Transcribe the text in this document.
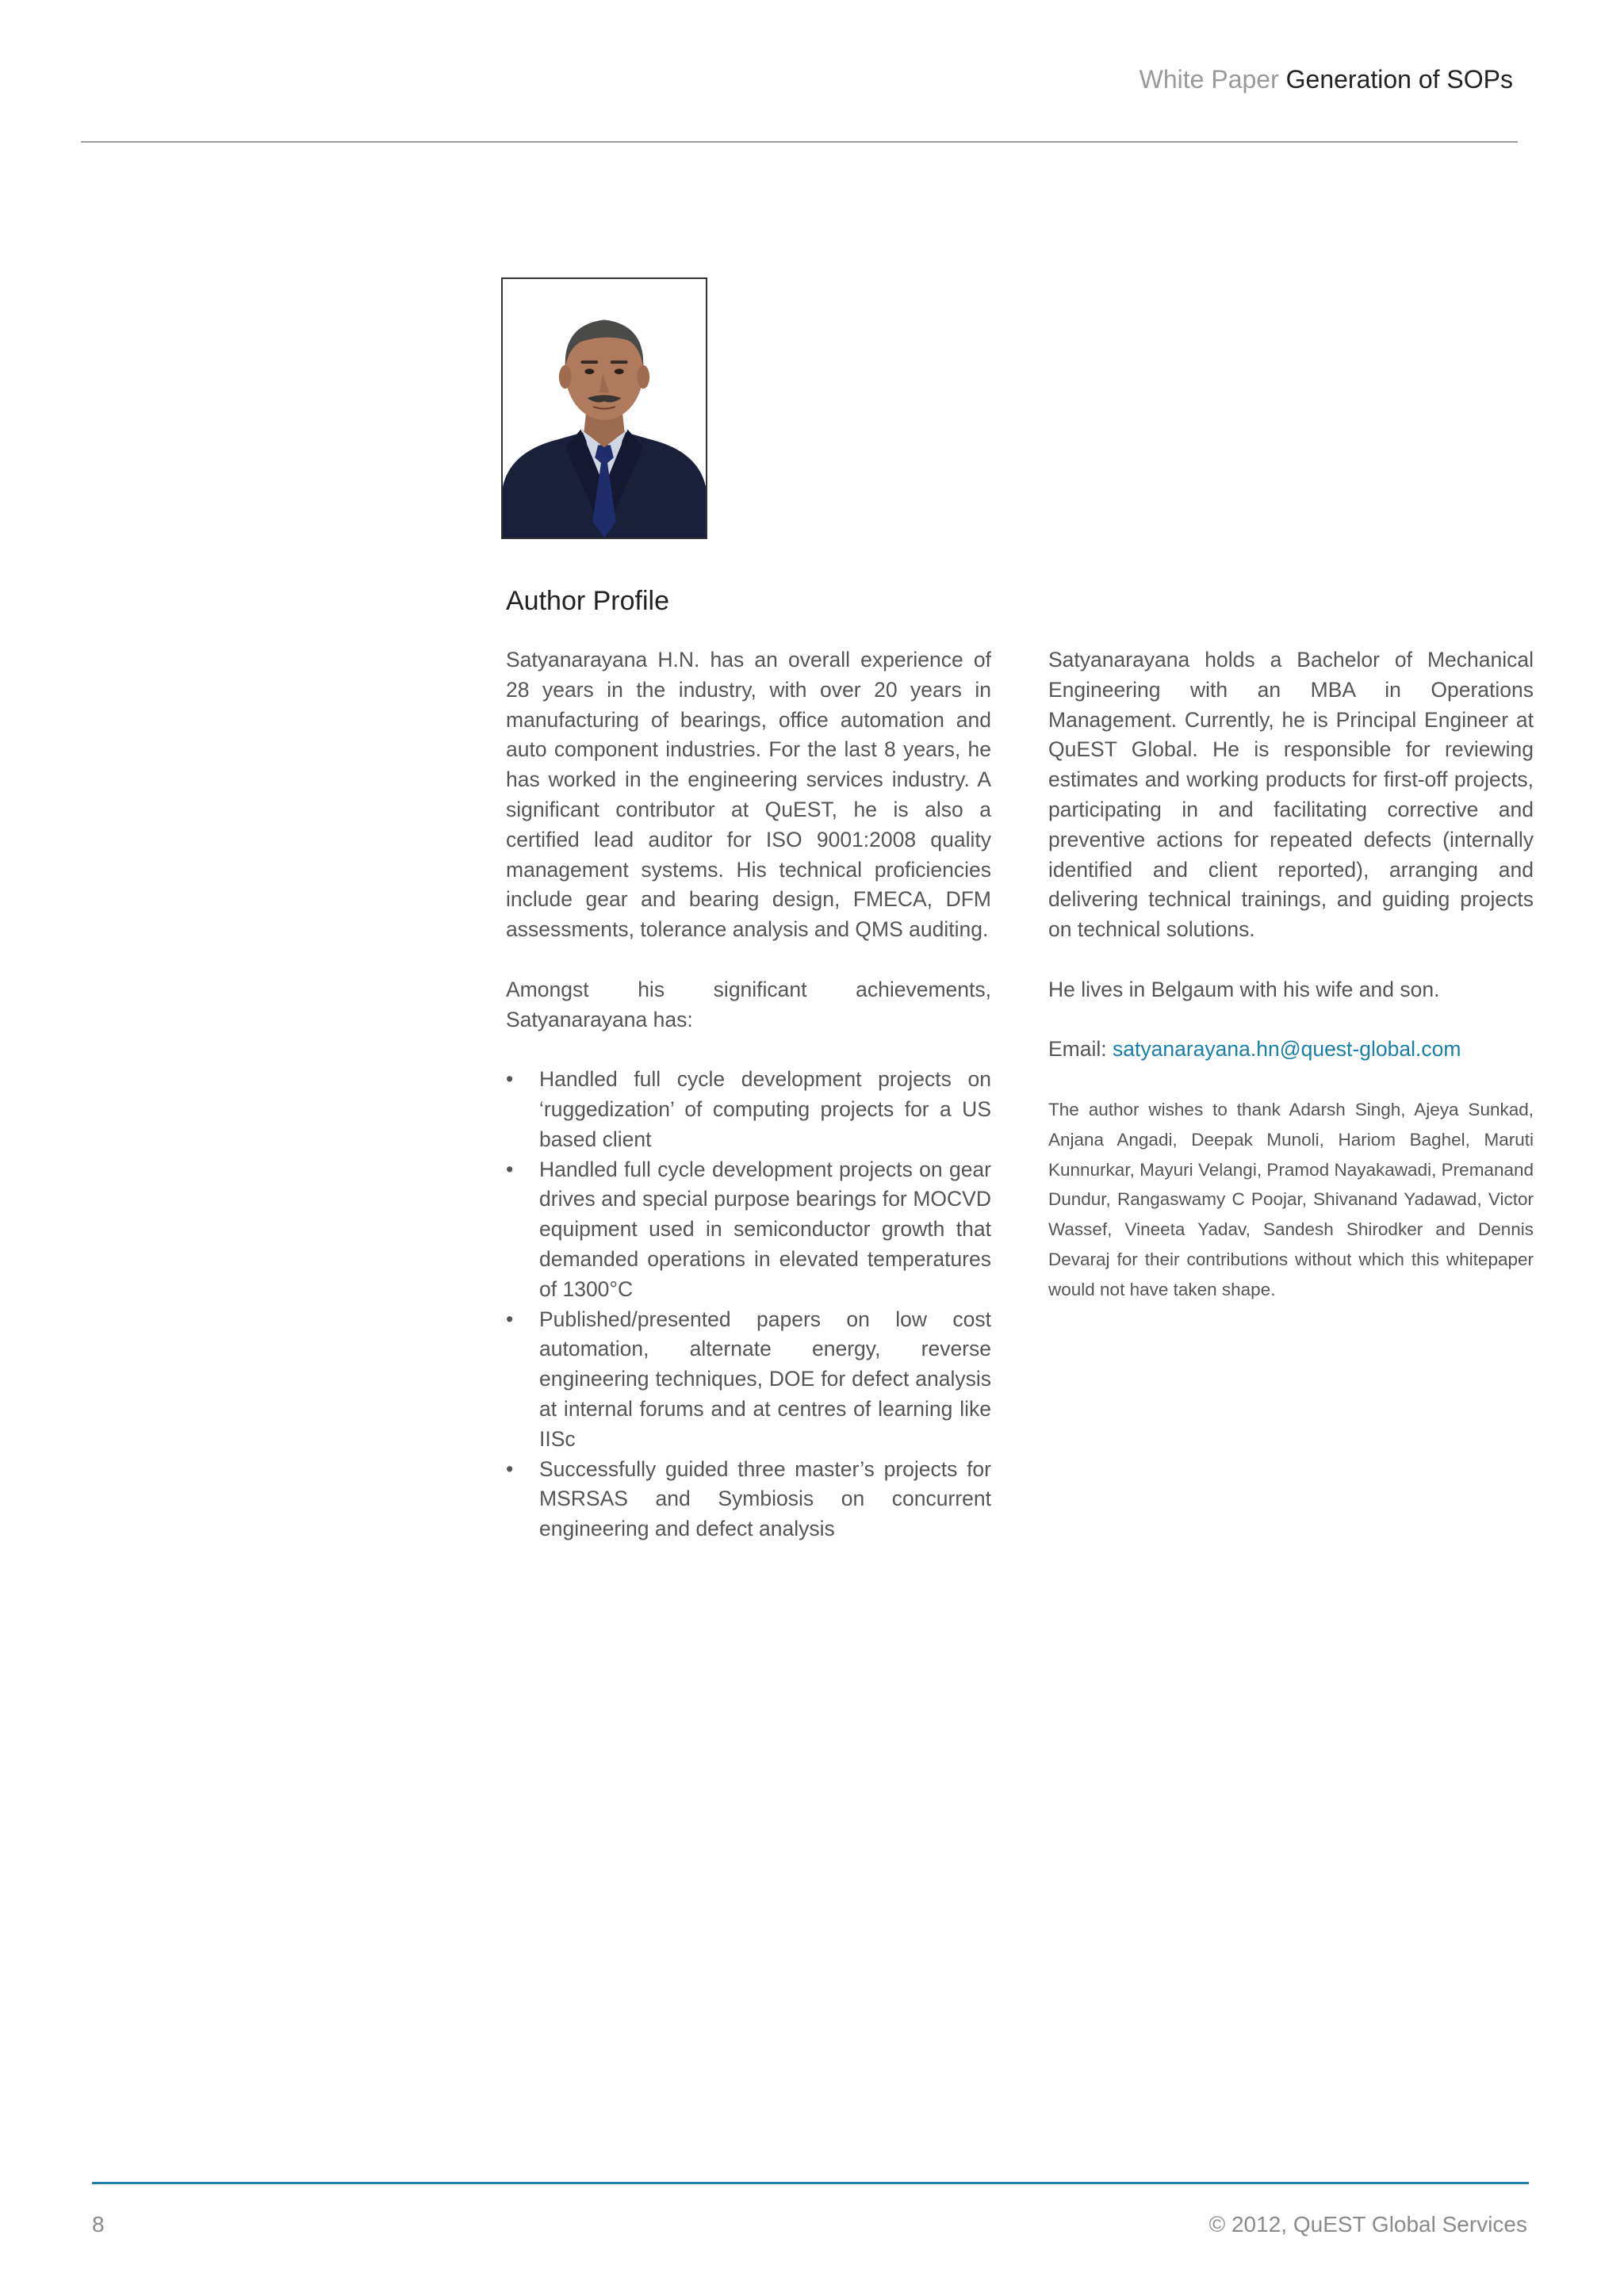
White Paper Generation of SOPs
Author Profile

Satyanarayana H.N. has an overall experience of 28 years in the industry, with over 20 years in manufacturing of bearings, office automation and auto component industries. For the last 8 years, he has worked in the engineering services industry. A significant contributor at QuEST, he is also a certified lead auditor for ISO 9001:2008 quality management systems. His technical proficiencies include gear and bearing design, FMECA, DFM assessments, tolerance analysis and QMS auditing.

Amongst his significant achievements, Satyanarayana has:

• Handled full cycle development projects on ‘ruggedization’ of computing projects for a US based client
• Handled full cycle development projects on gear drives and special purpose bearings for MOCVD equipment used in semiconductor growth that demanded operations in elevated temperatures of 1300°C
• Published/presented papers on low cost automation, alternate energy, reverse engineering techniques, DOE for defect analysis at internal forums and at centres of learning like IISc
• Successfully guided three master’s projects for MSRSAS and Symbiosis on concurrent engineering and defect analysis

Satyanarayana holds a Bachelor of Mechanical Engineering with an MBA in Operations Management. Currently, he is Principal Engineer at QuEST Global. He is responsible for reviewing estimates and working products for first-off projects, participating in and facilitating corrective and preventive actions for repeated defects (internally identified and client reported), arranging and delivering technical trainings, and guiding projects on technical solutions.

He lives in Belgaum with his wife and son.

Email: satyanarayana.hn@quest-global.com

The author wishes to thank Adarsh Singh, Ajeya Sunkad, Anjana Angadi, Deepak Munoli, Hariom Baghel, Maruti Kunnurkar, Mayuri Velangi, Pramod Nayakawadi, Premanand Dundur, Rangaswamy C Poojar, Shivanand Yadawad, Victor Wassef, Vineeta Yadav, Sandesh Shirodker and Dennis Devaraj for their contributions without which this whitepaper would not have taken shape.

8	© 2012, QuEST Global Services
